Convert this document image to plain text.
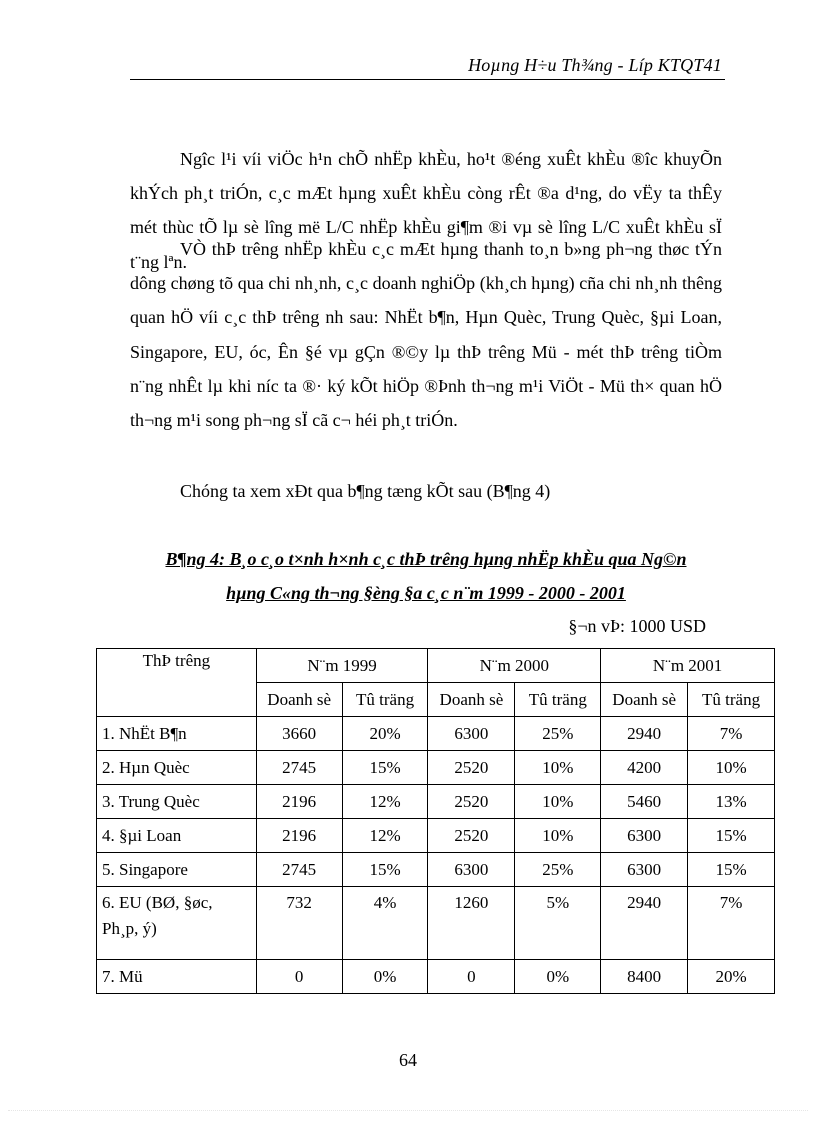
Hoµng H÷u Th¾ng - Líp KTQT41

Ngîc l¹i víi viÖc h¹n chÕ nhËp khÈu, ho¹t ®éng xuÊt khÈu ®îc khuyÕn khÝch ph¸t triÓn, c¸c mÆt hµng xuÊt khÈu còng rÊt ®a d¹ng, do vËy ta thÊy mét thùc tÕ lµ sè lîng më L/C nhËp khÈu gi¶m ®i vµ sè lîng L/C xuÊt khÈu sÏ t¨ng lªn.

VÒ thÞ trêng nhËp khÈu c¸c mÆt hµng thanh to¸n b»ng ph¬ng thøc tÝn dông chøng tõ qua chi nh¸nh, c¸c doanh nghiÖp (kh¸ch hµng) cña chi nh¸nh thêng quan hÖ víi c¸c thÞ trêng nh sau: NhËt b¶n, Hµn Quèc, Trung Quèc, §µi Loan, Singapore, EU, óc, Ên §é vµ gÇn ®©y lµ thÞ trêng Mü - mét thÞ trêng tiÒm n¨ng nhÊt lµ khi níc ta ®· ký kÕt hiÖp ®Þnh th¬ng m¹i ViÖt - Mü th× quan hÖ th¬ng m¹i song ph¬ng sÏ cã c¬ héi ph¸t triÓn.

Chóng ta xem xÐt qua b¶ng tæng kÕt sau (B¶ng 4)

B¶ng 4: B¸o c¸o t×nh h×nh c¸c thÞ trêng hµng nhËp khÈu qua Ng©n
hµng C«ng th¬ng §èng §a c¸c n¨m 1999 - 2000 - 2001
§¬n vÞ: 1000 USD
ThÞ trêng	N¨m 1999		N¨m 2000		N¨m 2001	
	Doanh sè	Tû träng	Doanh sè	Tû träng	Doanh sè	Tû träng
1. NhËt B¶n	3660	20%	6300	25%	2940	7%
2. Hµn Quèc	2745	15%	2520	10%	4200	10%
3. Trung Quèc	2196	12%	2520	10%	5460	13%
4. §µi Loan	2196	12%	2520	10%	6300	15%
5. Singapore	2745	15%	6300	25%	6300	15%

6. EU (BØ, §øc,
Ph¸p, ý)	732	4%	1260	5%	2940	7%
7. Mü	0	0%	0	0%	8400	20%
64
